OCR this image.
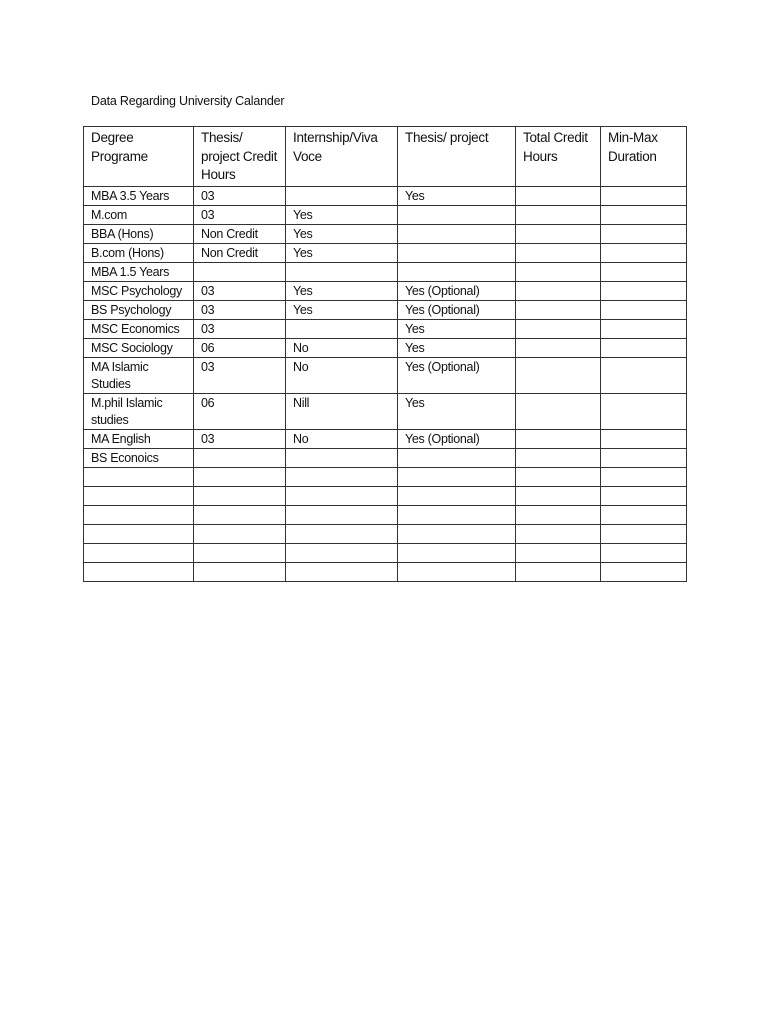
Data Regarding University Calander
Degree Programe	Thesis/ project Credit Hours	Internship/Viva Voce	Thesis/ project	Total Credit Hours	Min-Max Duration
MBA 3.5 Years	03		Yes		
M.com	03	Yes			
BBA (Hons)	Non Credit	Yes			
B.com (Hons)	Non Credit	Yes			
MBA 1.5 Years					
MSC Psychology	03	Yes	Yes (Optional)		
BS Psychology	03	Yes	Yes (Optional)		
MSC Economics	03		Yes		
MSC Sociology	06	No	Yes		
MA Islamic Studies	03	No	Yes (Optional)		
M.phil Islamic studies	06	Nill	Yes		
MA English	03	No	Yes (Optional)		
BS Econoics					
